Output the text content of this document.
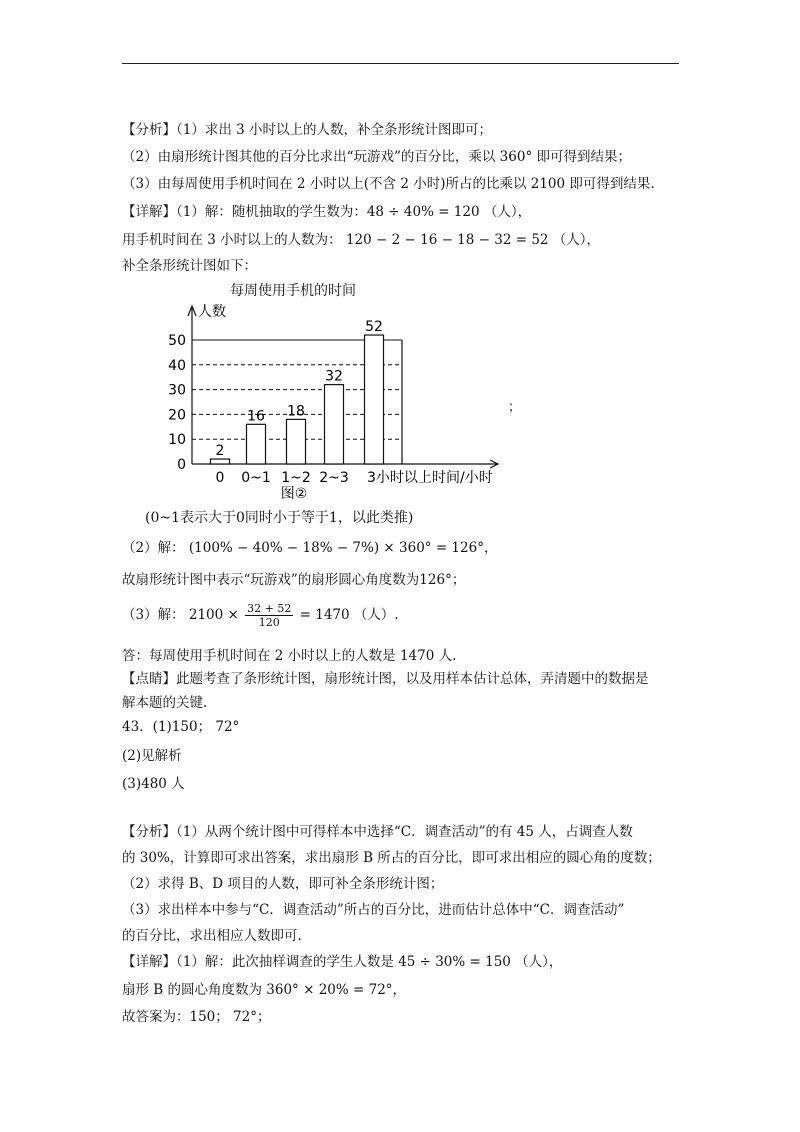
【分析】（1）求出 3 小时以上的人数，补全条形统计图即可；
（2）由扇形统计图其他的百分比求出“玩游戏”的百分比，乘以 360° 即可得到结果；
（3）由每周使用手机时间在 2 小时以上(不含 2 小时)所占的比乘以 2100 即可得到结果.
【详解】（1）解：随机抽取的学生数为：48 ÷ 40% = 120 （人），
用手机时间在 3 小时以上的人数为： 120 − 2 − 16 − 18 − 32 = 52 （人），
补全条形统计图如下：
每周使用手机的时间
人数
时间/小时
0
10
20
30
40
50
2
0
16
0~1
18
1~2
32
2~3
52
3小时以上
图②
；
(0~1表示大于0同时小于等于1，以此类推)
（2）解： (100% − 40% − 18% − 7%) × 360° = 126°，
故扇形统计图中表示“玩游戏”的扇形圆心角度数为126°；
（3）解： $2100 \times \frac{32 + 52}{120} = 1470$ （人）.
答：每周使用手机时间在 2 小时以上的人数是 1470 人.
【点睛】此题考查了条形统计图，扇形统计图，以及用样本估计总体，弄清题中的数据是
解本题的关键.
43．(1)150； 72°
(2)见解析
(3)480 人
【分析】（1）从两个统计图中可得样本中选择“C．调查活动”的有 45 人，占调查人数
的 30%，计算即可求出答案，求出扇形 B 所占的百分比，即可求出相应的圆心角的度数；
（2）求得 B、D 项目的人数，即可补全条形统计图；
（3）求出样本中参与“C．调查活动”所占的百分比，进而估计总体中“C．调查活动”
的百分比，求出相应人数即可.
【详解】（1）解：此次抽样调查的学生人数是 45 ÷ 30% = 150 （人），
扇形 B 的圆心角度数为 360° × 20% = 72°，
故答案为：150； 72°；
